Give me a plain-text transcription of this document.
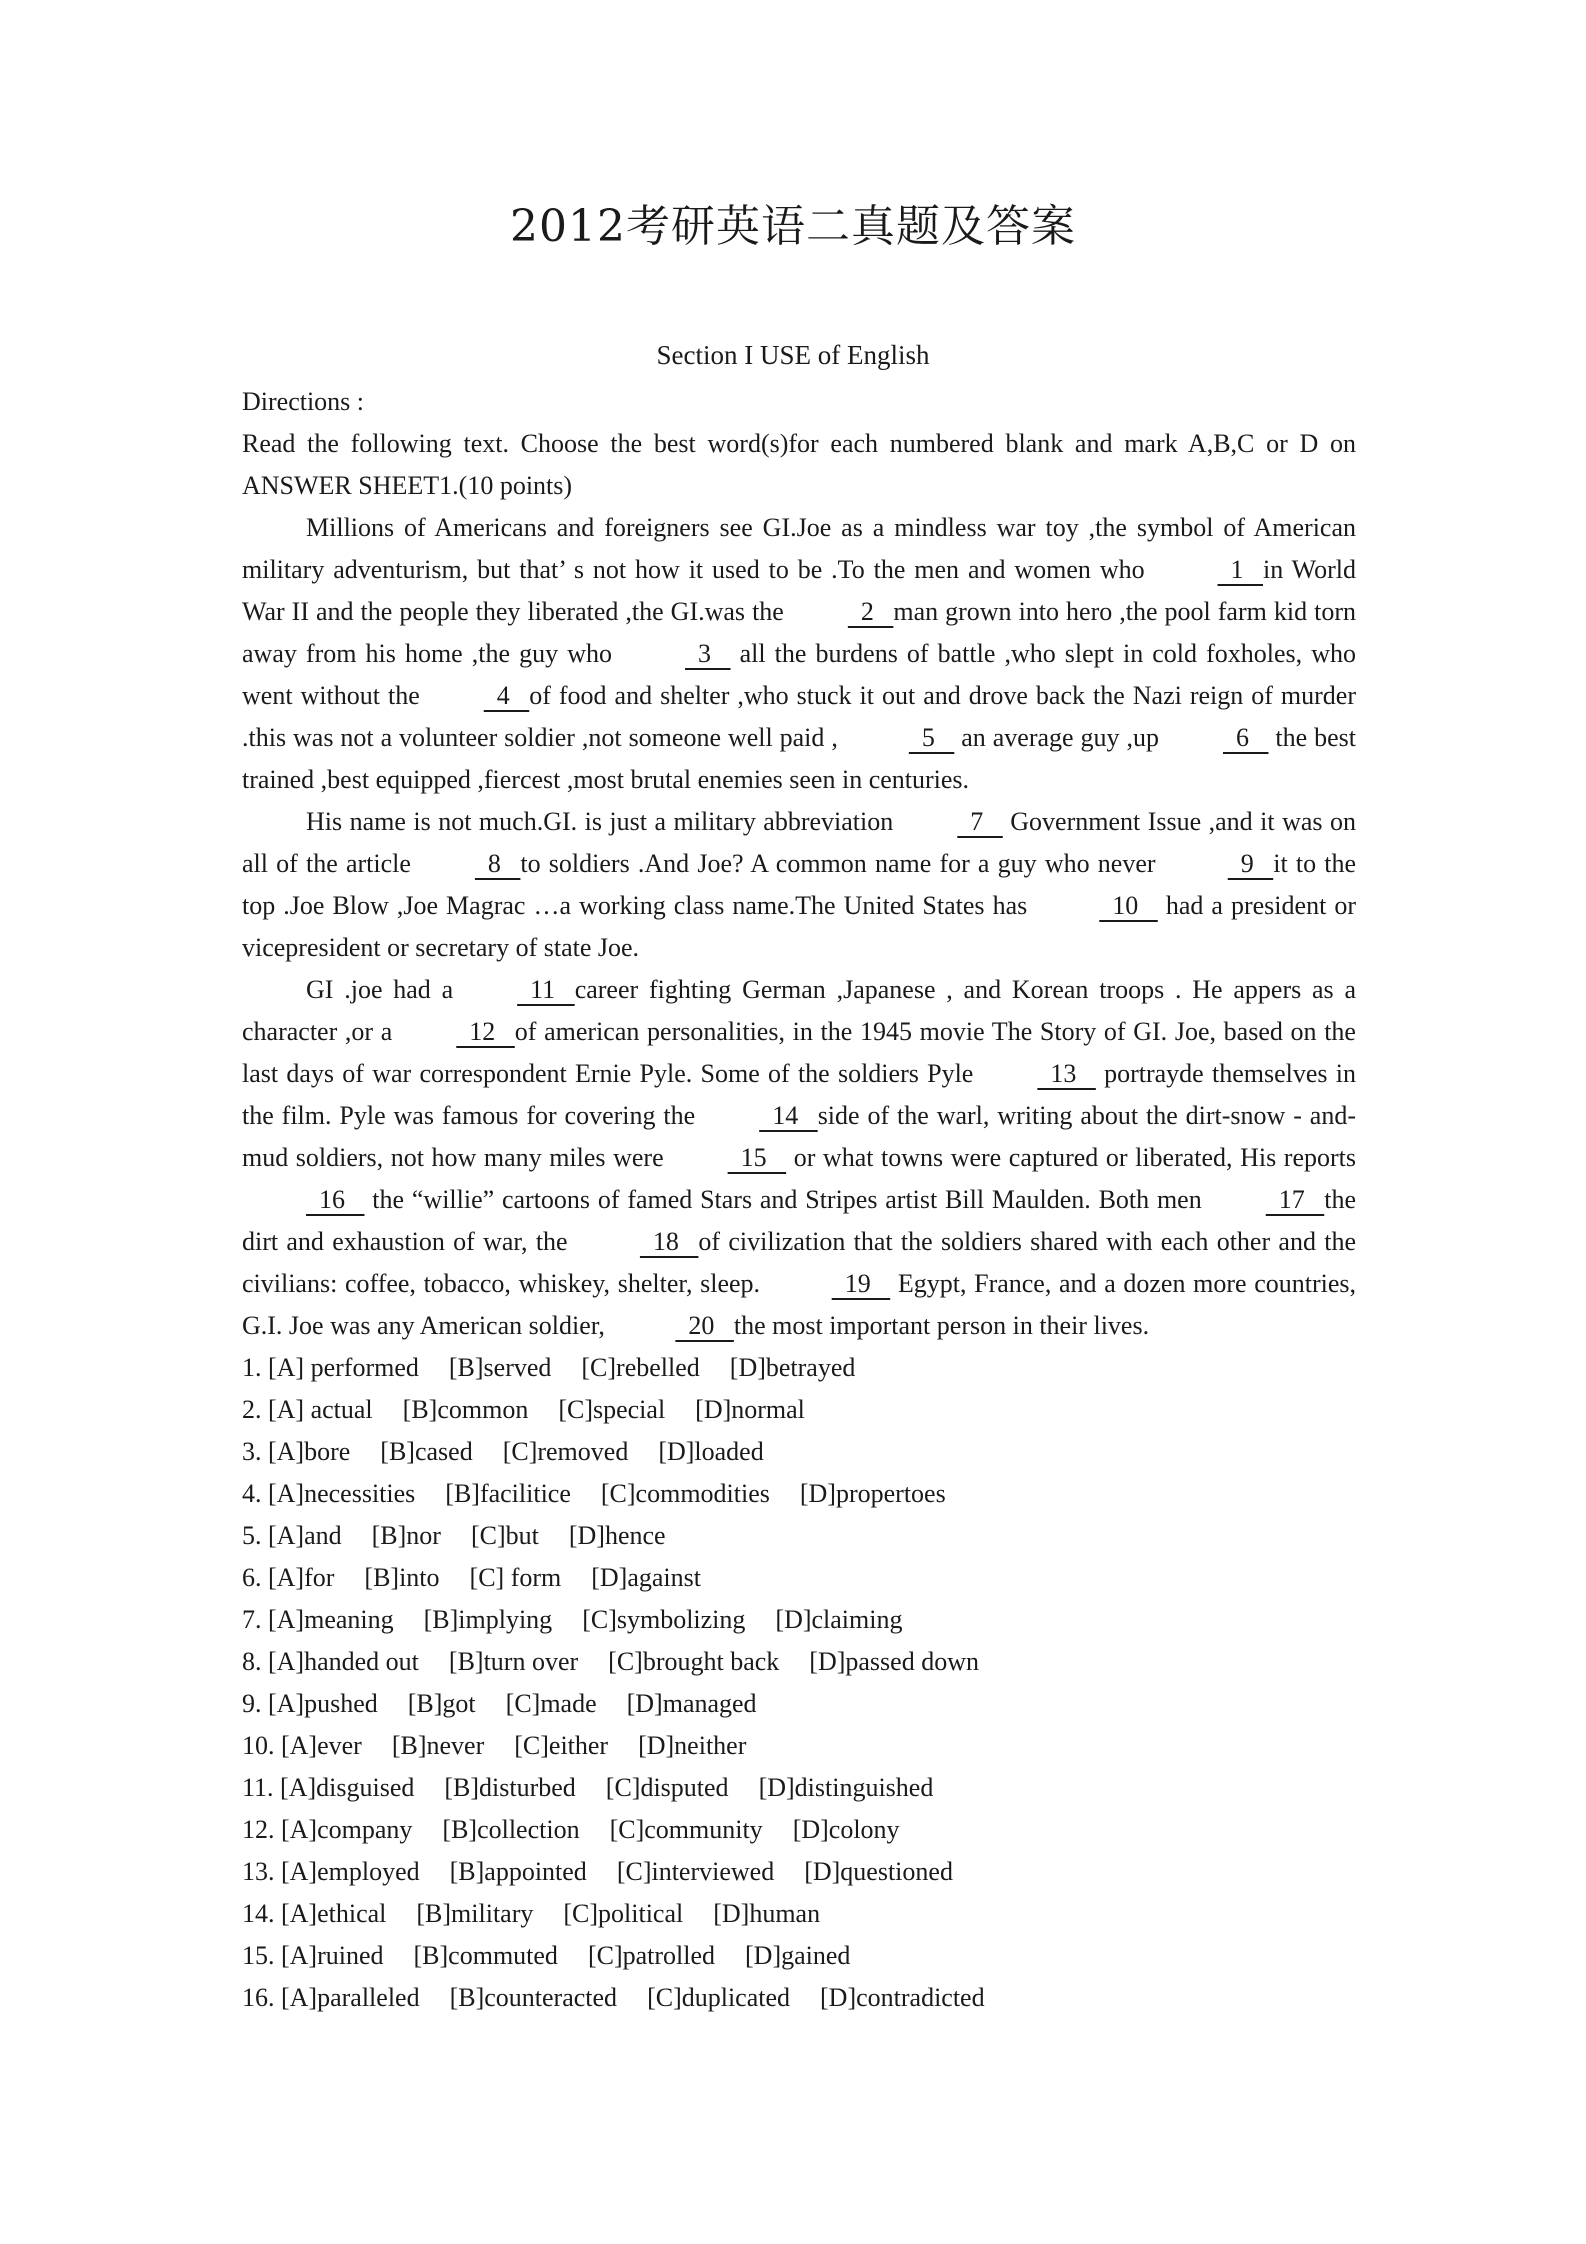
2012考研英语二真题及答案
Section I USE of English

Directions :

Read the following text. Choose the best word(s)for each numbered blank and mark A,B,C or D on ANSWER SHEET1.(10 points)

Millions of Americans and foreigners see GI.Joe as a mindless war toy ,the symbol of American military adventurism, but that’ s not how it used to be .To the men and women who   1   in World War II and the people they liberated ,the GI.was the  2   man grown into hero ,the pool farm kid torn away from his home ,the guy who   3    all the burdens of battle ,who slept in cold foxholes, who went without the  4   of food and shelter ,who stuck it out and drove back the Nazi reign of murder .this was not a volunteer soldier ,not someone well paid ,   5    an average guy ,up  6    the best trained ,best equipped ,fiercest ,most brutal enemies seen in centuries.

His name is not much.GI. is just a military abbreviation  7    Government Issue ,and it was on all of the article  8   to soldiers .And Joe? A common name for a guy who never   9   it to the top .Joe Blow ,Joe Magrac …a working class name.The United States has   10    had a president or vicepresident or secretary of state Joe.

GI .joe had a  11   career fighting German ,Japanese , and Korean troops . He appers as a character ,or a  12   of american personalities, in the 1945 movie The Story of GI. Joe, based on the last days of war correspondent Ernie Pyle. Some of the soldiers Pyle  13    portrayde themselves in the film. Pyle was famous for covering the  14   side of the warl, writing about the dirt-snow - and-mud soldiers, not how many miles were  15    or what towns were captured or liberated, His reports   16    the “willie” cartoons of famed Stars and Stripes artist Bill Maulden. Both men  17   the dirt and exhaustion of war, the   18   of civilization that the soldiers shared with each other and the civilians: coffee, tobacco, whiskey, shelter, sleep.   19    Egypt, France, and a dozen more countries, G.I. Joe was any American soldier,   20   the most important person in their lives.

1. [A] performed [B]served [C]rebelled [D]betrayed

2. [A] actual [B]common [C]special [D]normal

3. [A]bore [B]cased [C]removed [D]loaded

4. [A]necessities [B]facilitice [C]commodities [D]propertoes

5. [A]and [B]nor [C]but [D]hence

6. [A]for [B]into [C] form [D]against

7. [A]meaning [B]implying [C]symbolizing [D]claiming

8. [A]handed out [B]turn over [C]brought back [D]passed down

9. [A]pushed [B]got [C]made [D]managed

10. [A]ever [B]never [C]either [D]neither

11. [A]disguised [B]disturbed [C]disputed [D]distinguished

12. [A]company [B]collection [C]community [D]colony

13. [A]employed [B]appointed [C]interviewed [D]questioned

14. [A]ethical [B]military [C]political [D]human

15. [A]ruined [B]commuted [C]patrolled [D]gained

16. [A]paralleled [B]counteracted [C]duplicated [D]contradicted
